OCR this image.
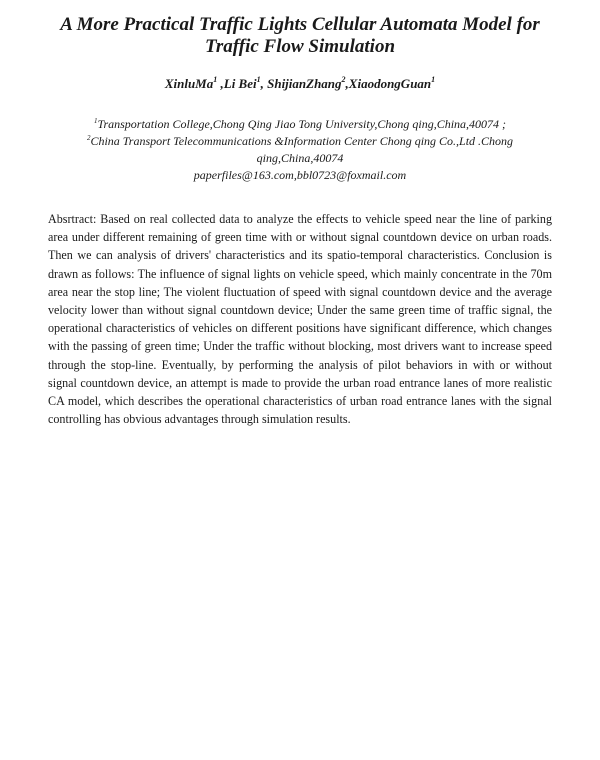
A More Practical Traffic Lights Cellular Automata Model for
Traffic Flow Simulation
XinluMa$^1$ ,Li Bei$^1$, ShijianZhang$^2$,XiaodongGuan$^1$
$^1$Transportation College,Chong Qing Jiao Tong University,Chong qing,China,40074 ;
$^2$China Transport Telecommunications &Information Center Chong qing Co.,Ltd .Chong
qing,China,40074
paperfiles@163.com,bbl0723@foxmail.com
Absrtract: Based on real collected data to analyze the effects to vehicle speed near the line of parking area under different remaining of green time with or without signal countdown device on urban roads. Then we can analysis of drivers' characteristics and its spatio-temporal characteristics. Conclusion is drawn as follows: The influence of signal lights on vehicle speed, which mainly concentrate in the 70m area near the stop line; The violent fluctuation of speed with signal countdown device and the average velocity lower than without signal countdown device; Under the same green time of traffic signal, the operational characteristics of vehicles on different positions have significant difference, which changes with the passing of green time; Under the traffic without blocking, most drivers want to increase speed through the stop-line. Eventually, by performing the analysis of pilot behaviors in with or without signal countdown device, an attempt is made to provide the urban road entrance lanes of more realistic CA model, which describes the operational characteristics of urban road entrance lanes with the signal controlling has obvious advantages through simulation results.
